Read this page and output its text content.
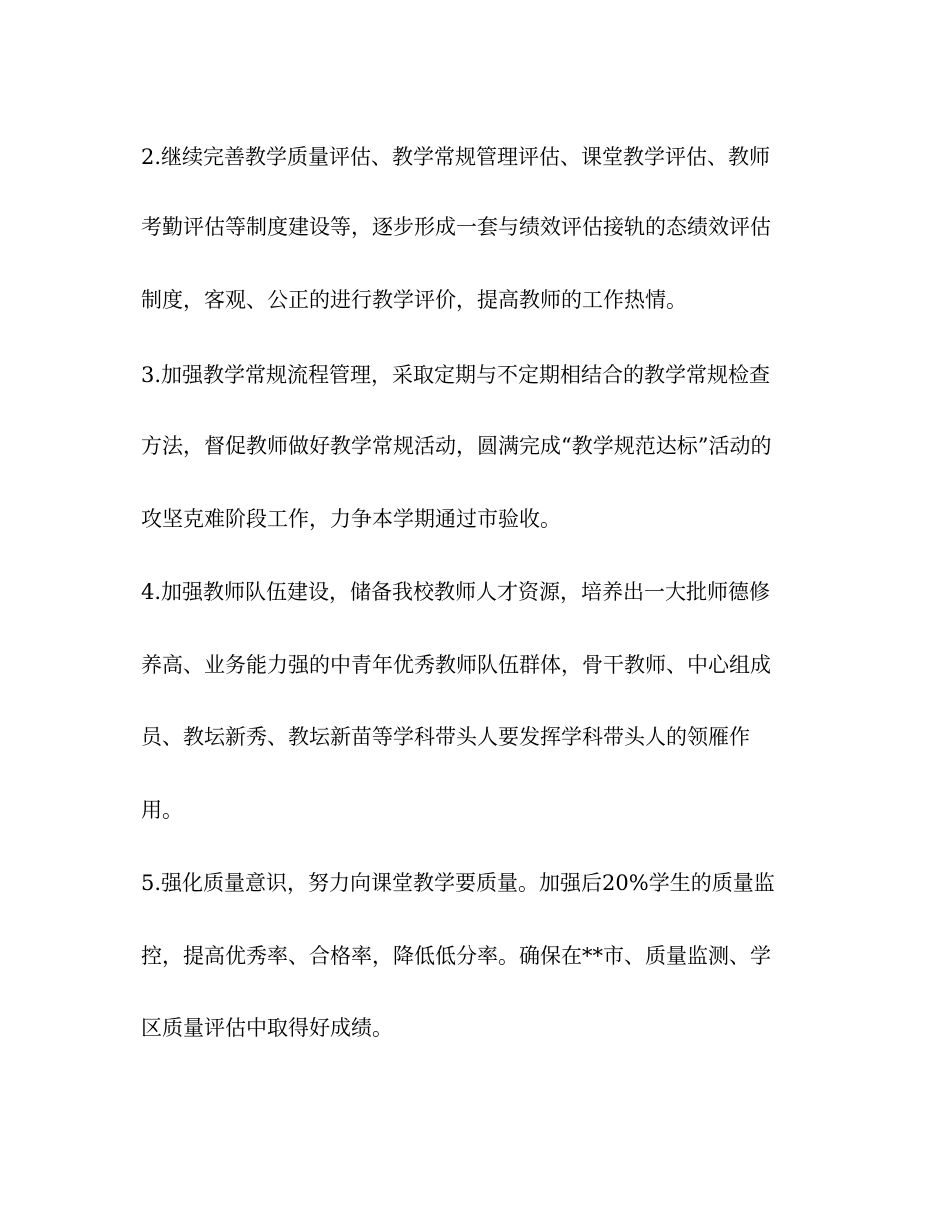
2.继续完善教学质量评估、教学常规管理评估、课堂教学评估、教师
考勤评估等制度建设等，逐步形成一套与绩效评估接轨的态绩效评估
制度，客观、公正的进行教学评价，提高教师的工作热情。
3.加强教学常规流程管理，采取定期与不定期相结合的教学常规检查
方法，督促教师做好教学常规活动，圆满完成“教学规范达标”活动的
攻坚克难阶段工作，力争本学期通过市验收。
4.加强教师队伍建设，储备我校教师人才资源，培养出一大批师德修
养高、业务能力强的中青年优秀教师队伍群体，骨干教师、中心组成
员、教坛新秀、教坛新苗等学科带头人要发挥学科带头人的领雁作
用。
5.强化质量意识，努力向课堂教学要质量。加强后20%学生的质量监
控，提高优秀率、合格率，降低低分率。确保在**市、质量监测、学
区质量评估中取得好成绩。
